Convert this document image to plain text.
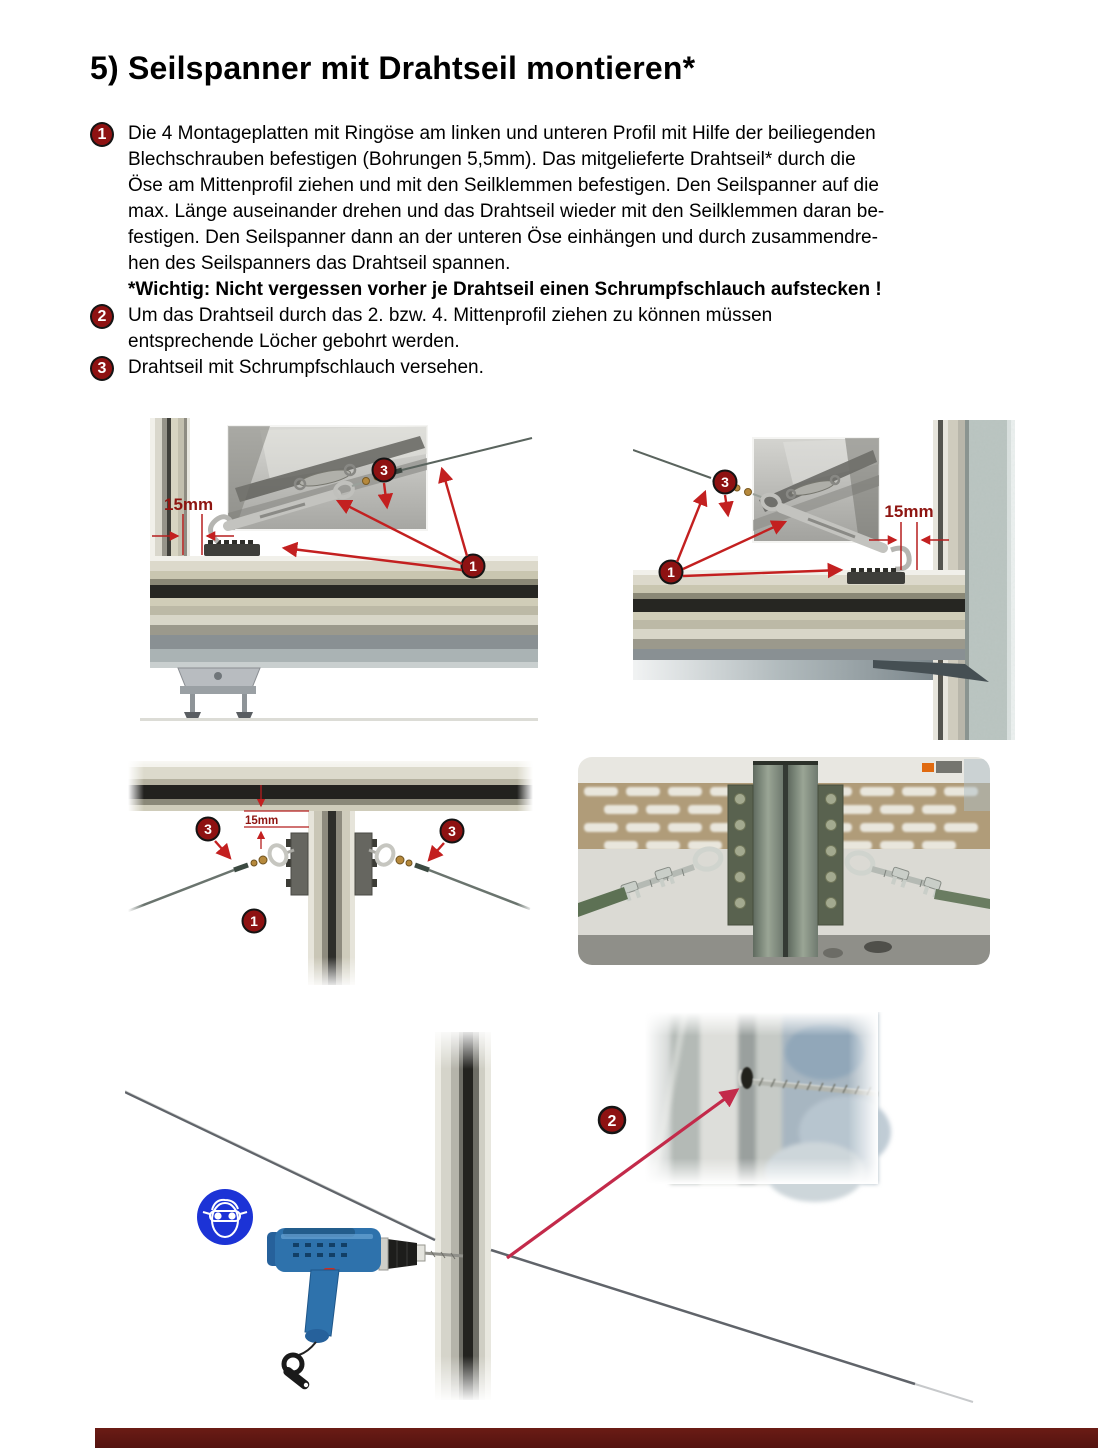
5) Seilspanner mit Drahtseil montieren*
1	Die 4 Montageplatten mit Ringöse am linken und unteren Profil mit Hilfe der beiliegenden
Blechschrauben befestigen (Bohrungen 5,5mm). Das mitgelieferte Drahtseil* durch die
Öse am Mittenprofil ziehen und mit den Seilklemmen befestigen. Den Seilspanner auf die
max. Länge auseinander drehen und das Drahtseil wieder mit den Seilklemmen daran be-
festigen. Den Seilspanner dann an der unteren Öse einhängen und durch zusammendre-
hen des Seilspanners das Drahtseil spannen.
*Wichtig: Nicht vergessen vorher je Drahtseil einen Schrumpfschlauch aufstecken !
2	Um das Drahtseil durch das 2. bzw. 4. Mittenprofil ziehen zu können müssen
entsprechende Löcher gebohrt werden.
3	Drahtseil mit Schrumpfschlauch versehen.
15mm
3
1
15mm
3
1
15mm
3	3
1
2
